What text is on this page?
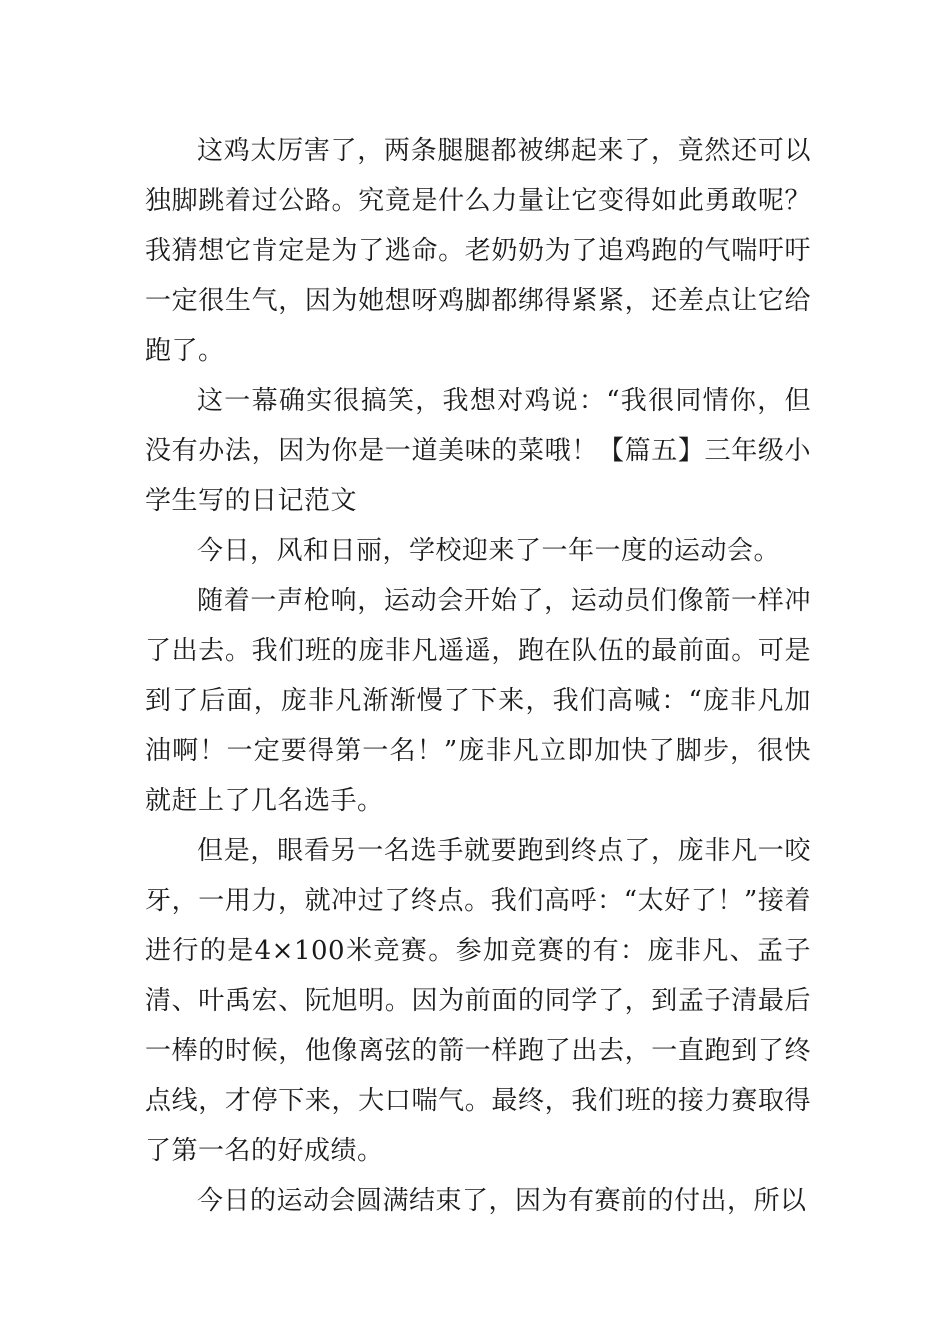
这鸡太厉害了，两条腿腿都被绑起来了，竟然还可以独脚跳着过公路。究竟是什么力量让它变得如此勇敢呢？我猜想它肯定是为了逃命。老奶奶为了追鸡跑的气喘吁吁一定很生气，因为她想呀鸡脚都绑得紧紧，还差点让它给跑了。

这一幕确实很搞笑，我想对鸡说：“我很同情你，但没有办法，因为你是一道美味的菜哦！【篇五】三年级小学生写的日记范文

今日，风和日丽，学校迎来了一年一度的运动会。

随着一声枪响，运动会开始了，运动员们像箭一样冲了出去。我们班的庞非凡遥遥，跑在队伍的最前面。可是到了后面，庞非凡渐渐慢了下来，我们高喊：“庞非凡加油啊！一定要得第一名！”庞非凡立即加快了脚步，很快就赶上了几名选手。

但是，眼看另一名选手就要跑到终点了，庞非凡一咬牙，一用力，就冲过了终点。我们高呼：“太好了！”接着进行的是4×100米竞赛。参加竞赛的有：庞非凡、孟子清、叶禹宏、阮旭明。因为前面的同学了，到孟子清最后一棒的时候，他像离弦的箭一样跑了出去，一直跑到了终点线，才停下来，大口喘气。最终，我们班的接力赛取得了第一名的好成绩。

今日的运动会圆满结束了，因为有赛前的付出，所以
